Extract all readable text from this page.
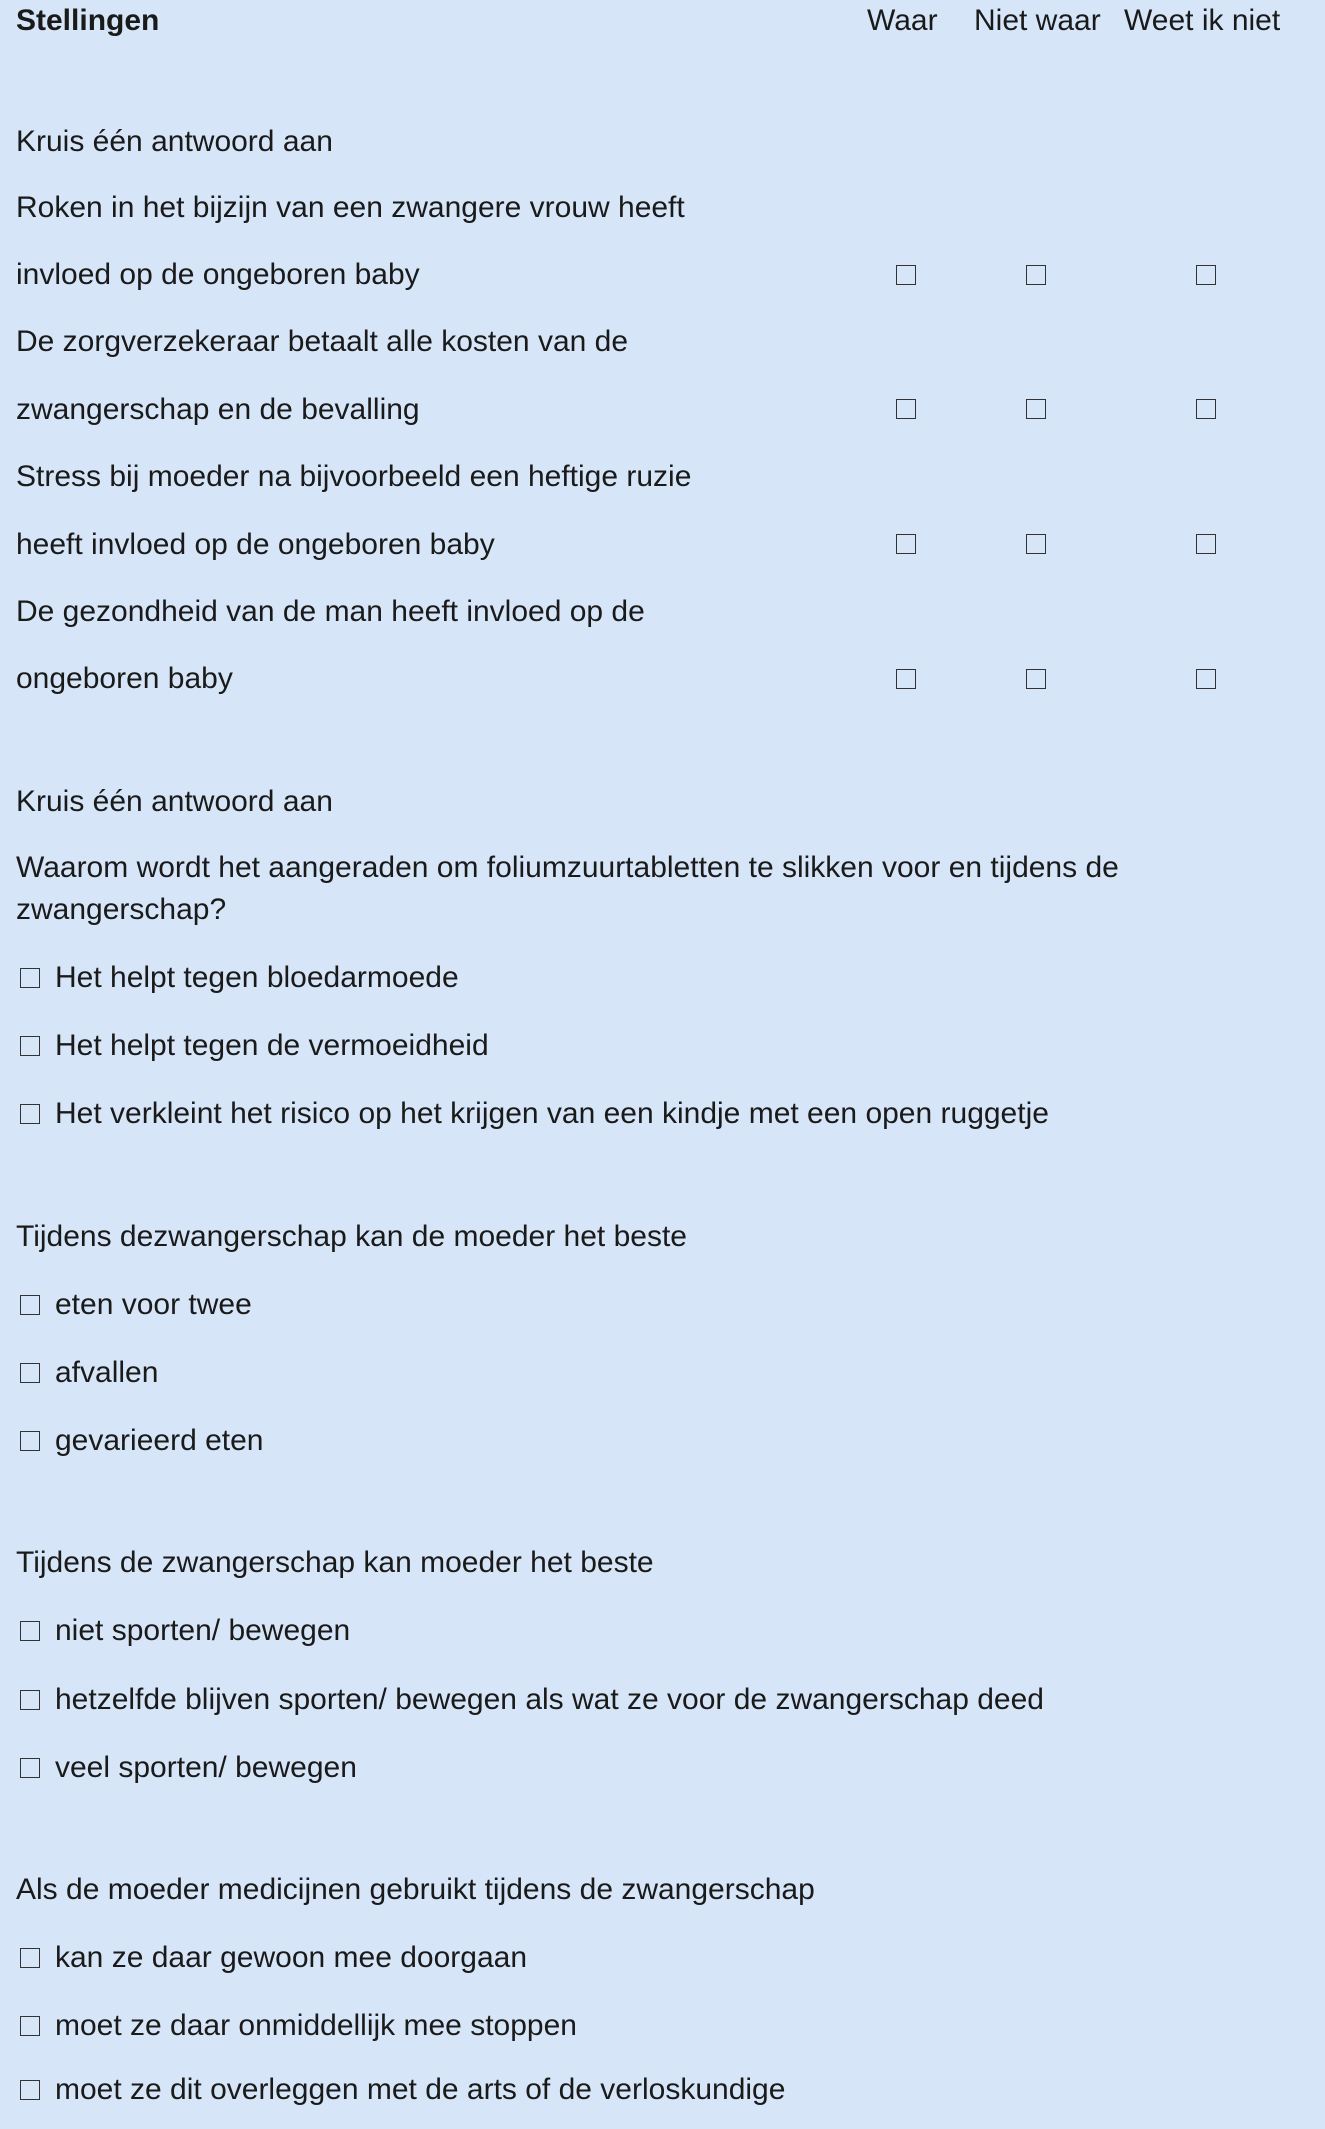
Stellingen	Waar Niet waar Weet ik niet
Kruis één antwoord aan
Roken in het bijzijn van een zwangere vrouw heeft
invloed op de ongeboren baby
De zorgverzekeraar betaalt alle kosten van de
zwangerschap en de bevalling
Stress bij moeder na bijvoorbeeld een heftige ruzie
heeft invloed op de ongeboren baby
De gezondheid van de man heeft invloed op de
ongeboren baby
Kruis één antwoord aan
Waarom wordt het aangeraden om foliumzuurtabletten te slikken voor en tijdens de
zwangerschap?
Het helpt tegen bloedarmoede
Het helpt tegen de vermoeidheid
Het verkleint het risico op het krijgen van een kindje met een open ruggetje
Tijdens dezwangerschap kan de moeder het beste
eten voor twee
afvallen
gevarieerd eten
Tijdens de zwangerschap kan moeder het beste
niet sporten/ bewegen
hetzelfde blijven sporten/ bewegen als wat ze voor de zwangerschap deed
veel sporten/ bewegen
Als de moeder medicijnen gebruikt tijdens de zwangerschap
kan ze daar gewoon mee doorgaan
moet ze daar onmiddellijk mee stoppen
moet ze dit overleggen met de arts of de verloskundige
